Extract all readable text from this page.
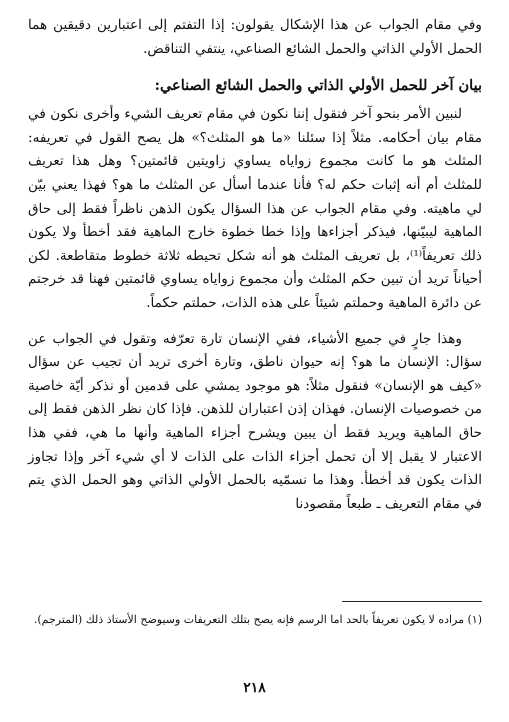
وفي مقام الجواب عن هذا الإشكال يقولون: إذا التفتم إلى اعتبارين دقيقين هما الحمل الأولي الذاتي والحمل الشائع الصناعي، ينتفي التناقض.

بيان آخر للحمل الأولي الذاتي والحمل الشائع الصناعي:

لنبين الأمر بنحو آخر فنقول إننا نكون في مقام تعريف الشيء وأخرى نكون في مقام بيان أحكامه. مثلاً إذا سئلنا «ما هو المثلث؟» هل يصح القول في تعريفه: المثلث هو ما كانت مجموع زواياه يساوي زاويتين قائمتين؟ وهل هذا تعريف للمثلث أم أنه إثبات حكم له؟ فأنا عندما أسأل عن المثلث ما هو؟ فهذا يعني بيّن لي ماهيته. وفي مقام الجواب عن هذا السؤال يكون الذهن ناظراً فقط إلى حاق الماهية ليبيّنها، فيذكر أجزاءها وإذا خطا خطوة خارج الماهية فقد أخطأ ولا يكون ذلك تعريفاً⁽¹⁾، بل تعريف المثلث هو أنه شكل تحيطه ثلاثة خطوط متقاطعة. لكن أحياناً تريد أن تبين حكم المثلث وأن مجموع زواياه يساوي قائمتين فهنا قد خرجتم عن دائرة الماهية وحملتم شيئاً على هذه الذات، حملتم حكماً.

وهذا جارٍ في جميع الأشياء، ففي الإنسان تارة تعرّفه وتقول في الجواب عن سؤال: الإنسان ما هو؟ إنه حيوان ناطق، وتارة أخرى تريد أن تجيب عن سؤال «كيف هو الإنسان» فنقول مثلاً: هو موجود يمشي على قدمين أو نذكر أيّة خاصية من خصوصيات الإنسان. فهذان إذن اعتباران للذهن. فإذا كان نظر الذهن فقط إلى حاق الماهية ويريد فقط أن يبين ويشرح أجزاء الماهية وأنها ما هي، ففي هذا الاعتبار لا يقبل إلا أن تحمل أجزاء الذات على الذات لا أي شيء آخر وإذا تجاوز الذات يكون قد أخطأ. وهذا ما نسمّيه بالحمل الأولي الذاتي وهو الحمل الذي يتم في مقام التعريف ـ طبعاً مقصودنا

(١) مراده لا يكون تعريفاً بالحد اما الرسم فإنه يصح بتلك التعريفات وسيوضح الأستاذ ذلك (المترجم).

٢١٨
